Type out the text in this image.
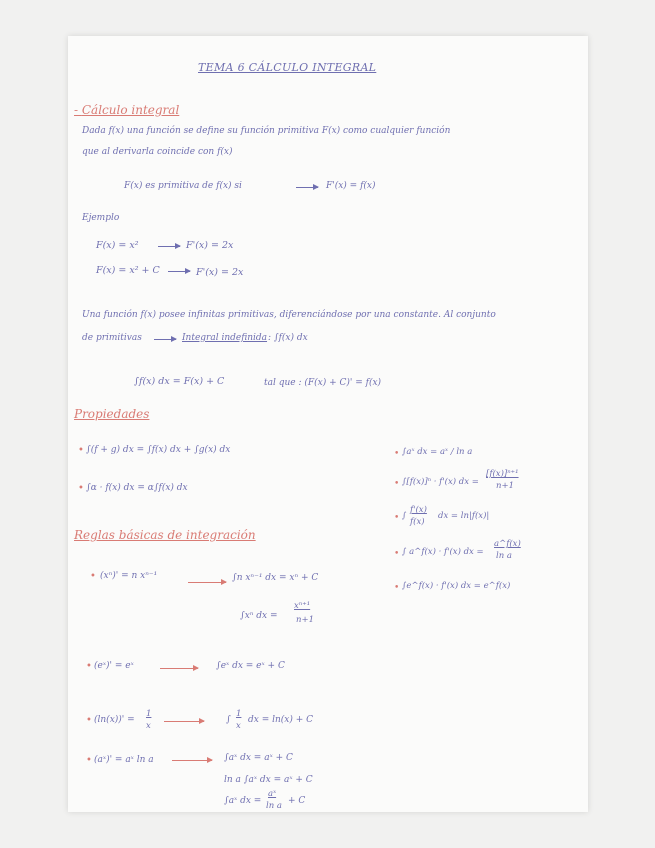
TEMA 6 CÁLCULO INTEGRAL
- Cálculo integral
Dada f(x) una función se define su función primitiva F(x) como cualquier función
que al derivarla coincide con f(x)
F(x) es primitiva de f(x) si	F'(x) = f(x)
Ejemplo
F(x) = x²	F'(x) = 2x
F(x) = x² + C	F'(x) = 2x
Una función f(x) posee infinitas primitivas, diferenciándose por una constante. Al conjunto
de primitivas	Integral indefinida : ∫f(x) dx
∫f(x) dx = F(x) + C	tal que : (F(x) + C)' = f(x)
Propiedades
• ∫(f + g) dx = ∫f(x) dx + ∫g(x) dx
• ∫α · f(x) dx = α∫f(x) dx
• ∫aˣ dx = aˣ / ln a
• ∫[f(x)]ⁿ · f'(x) dx =
[f(x)]ⁿ⁺¹
n+1
• ∫
f'(x)
f(x)
dx = ln|f(x)|
• ∫ a^f(x) · f'(x) dx =
a^f(x)
ln a
• ∫e^f(x) · f'(x) dx = e^f(x)
Reglas básicas de integración
• (xⁿ)' = n xⁿ⁻¹	∫n xⁿ⁻¹ dx = xⁿ + C
∫xⁿ dx =
xⁿ⁺¹
n+1
• (eˣ)' = eˣ	∫eˣ dx = eˣ + C
• (ln(x))' =
1
x
∫
1
x
dx = ln(x) + C
• (aˣ)' = aˣ ln a	∫aˣ dx = aˣ + C
ln a ∫aˣ dx = aˣ + C
∫aˣ dx =
aˣ
ln a + C
